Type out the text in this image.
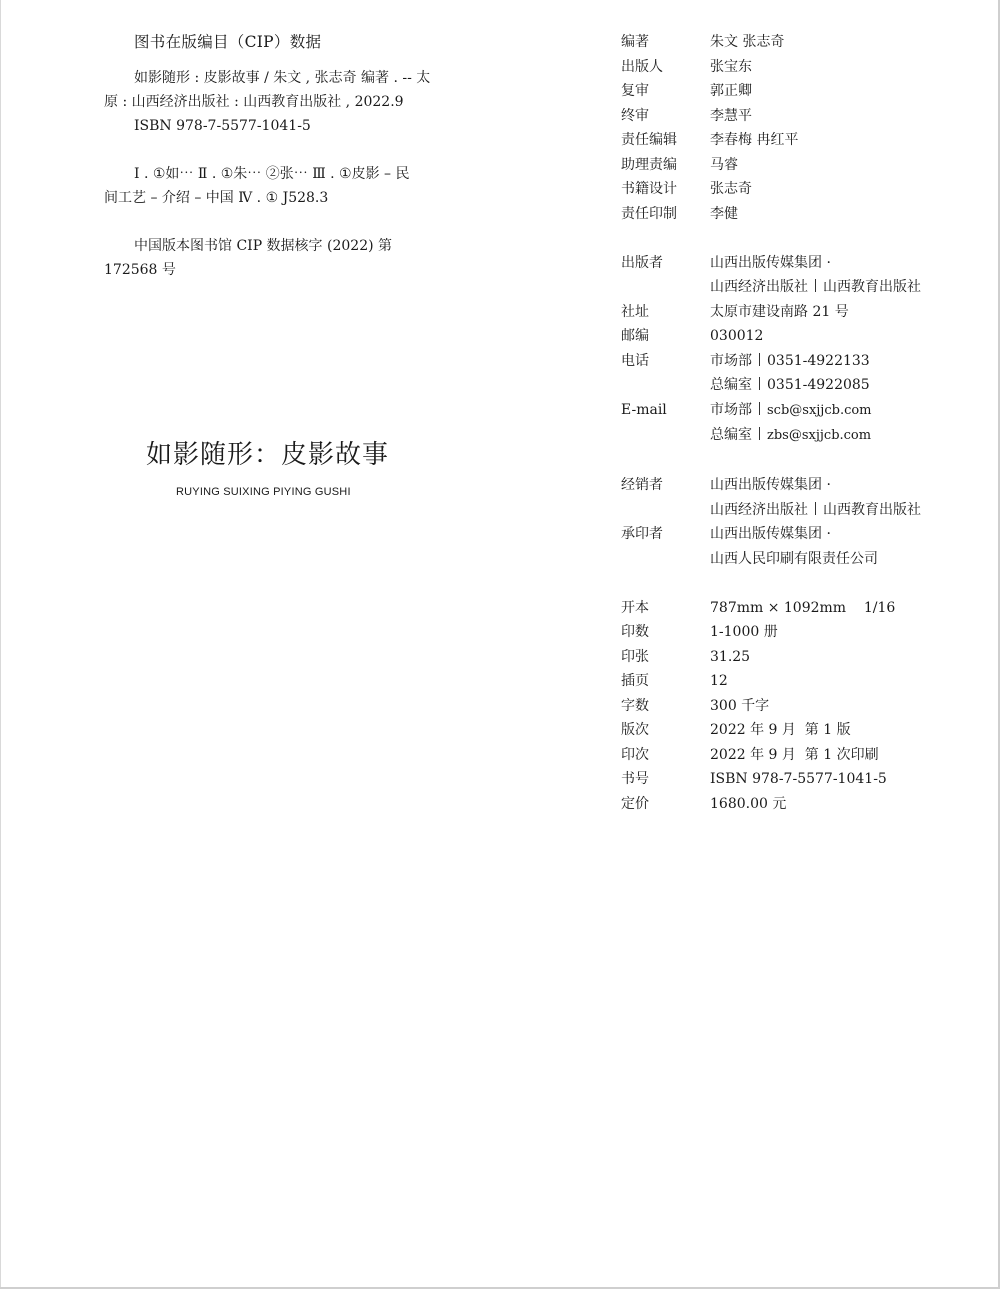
图书在版编目（CIP）数据

如影随形 : 皮影故事 / 朱文 , 张志奇 编著 . -- 太

原 : 山西经济出版社 : 山西教育出版社 , 2022.9

ISBN 978-7-5577-1041-5

Ⅰ . ①如⋯ Ⅱ . ①朱⋯ ②张⋯ Ⅲ . ①皮影 – 民

间工艺 – 介绍 – 中国 Ⅳ . ① J528.3

中国版本图书馆 CIP 数据核字 (2022) 第 172568 号

如影随形：皮影故事
RUYING SUIXING PIYING GUSHI
编著	朱文 张志奇
出版人	张宝东
复审	郭正卿
终审	李慧平
责任编辑	李春梅 冉红平
助理责编	马睿
书籍设计	张志奇
责任印制	李健
出版者	山西出版传媒集团 ·
山西经济出版社 山西教育出版社
社址	太原市建设南路 21 号
邮编	030012
电话	市场部 0351-4922133
总编室 0351-4922085
E-mail	市场部 scb@sxjjcb.com
总编室 zbs@sxjjcb.com
经销者	山西出版传媒集团 ·
山西经济出版社 山西教育出版社
承印者	山西出版传媒集团 ·
山西人民印刷有限责任公司
开本	787mm × 1092mm    1/16
印数	1-1000 册
印张	31.25
插页	12
字数	300 千字
版次	2022 年 9 月  第 1 版
印次	2022 年 9 月  第 1 次印刷
书号	ISBN 978-7-5577-1041-5
定价	1680.00 元
